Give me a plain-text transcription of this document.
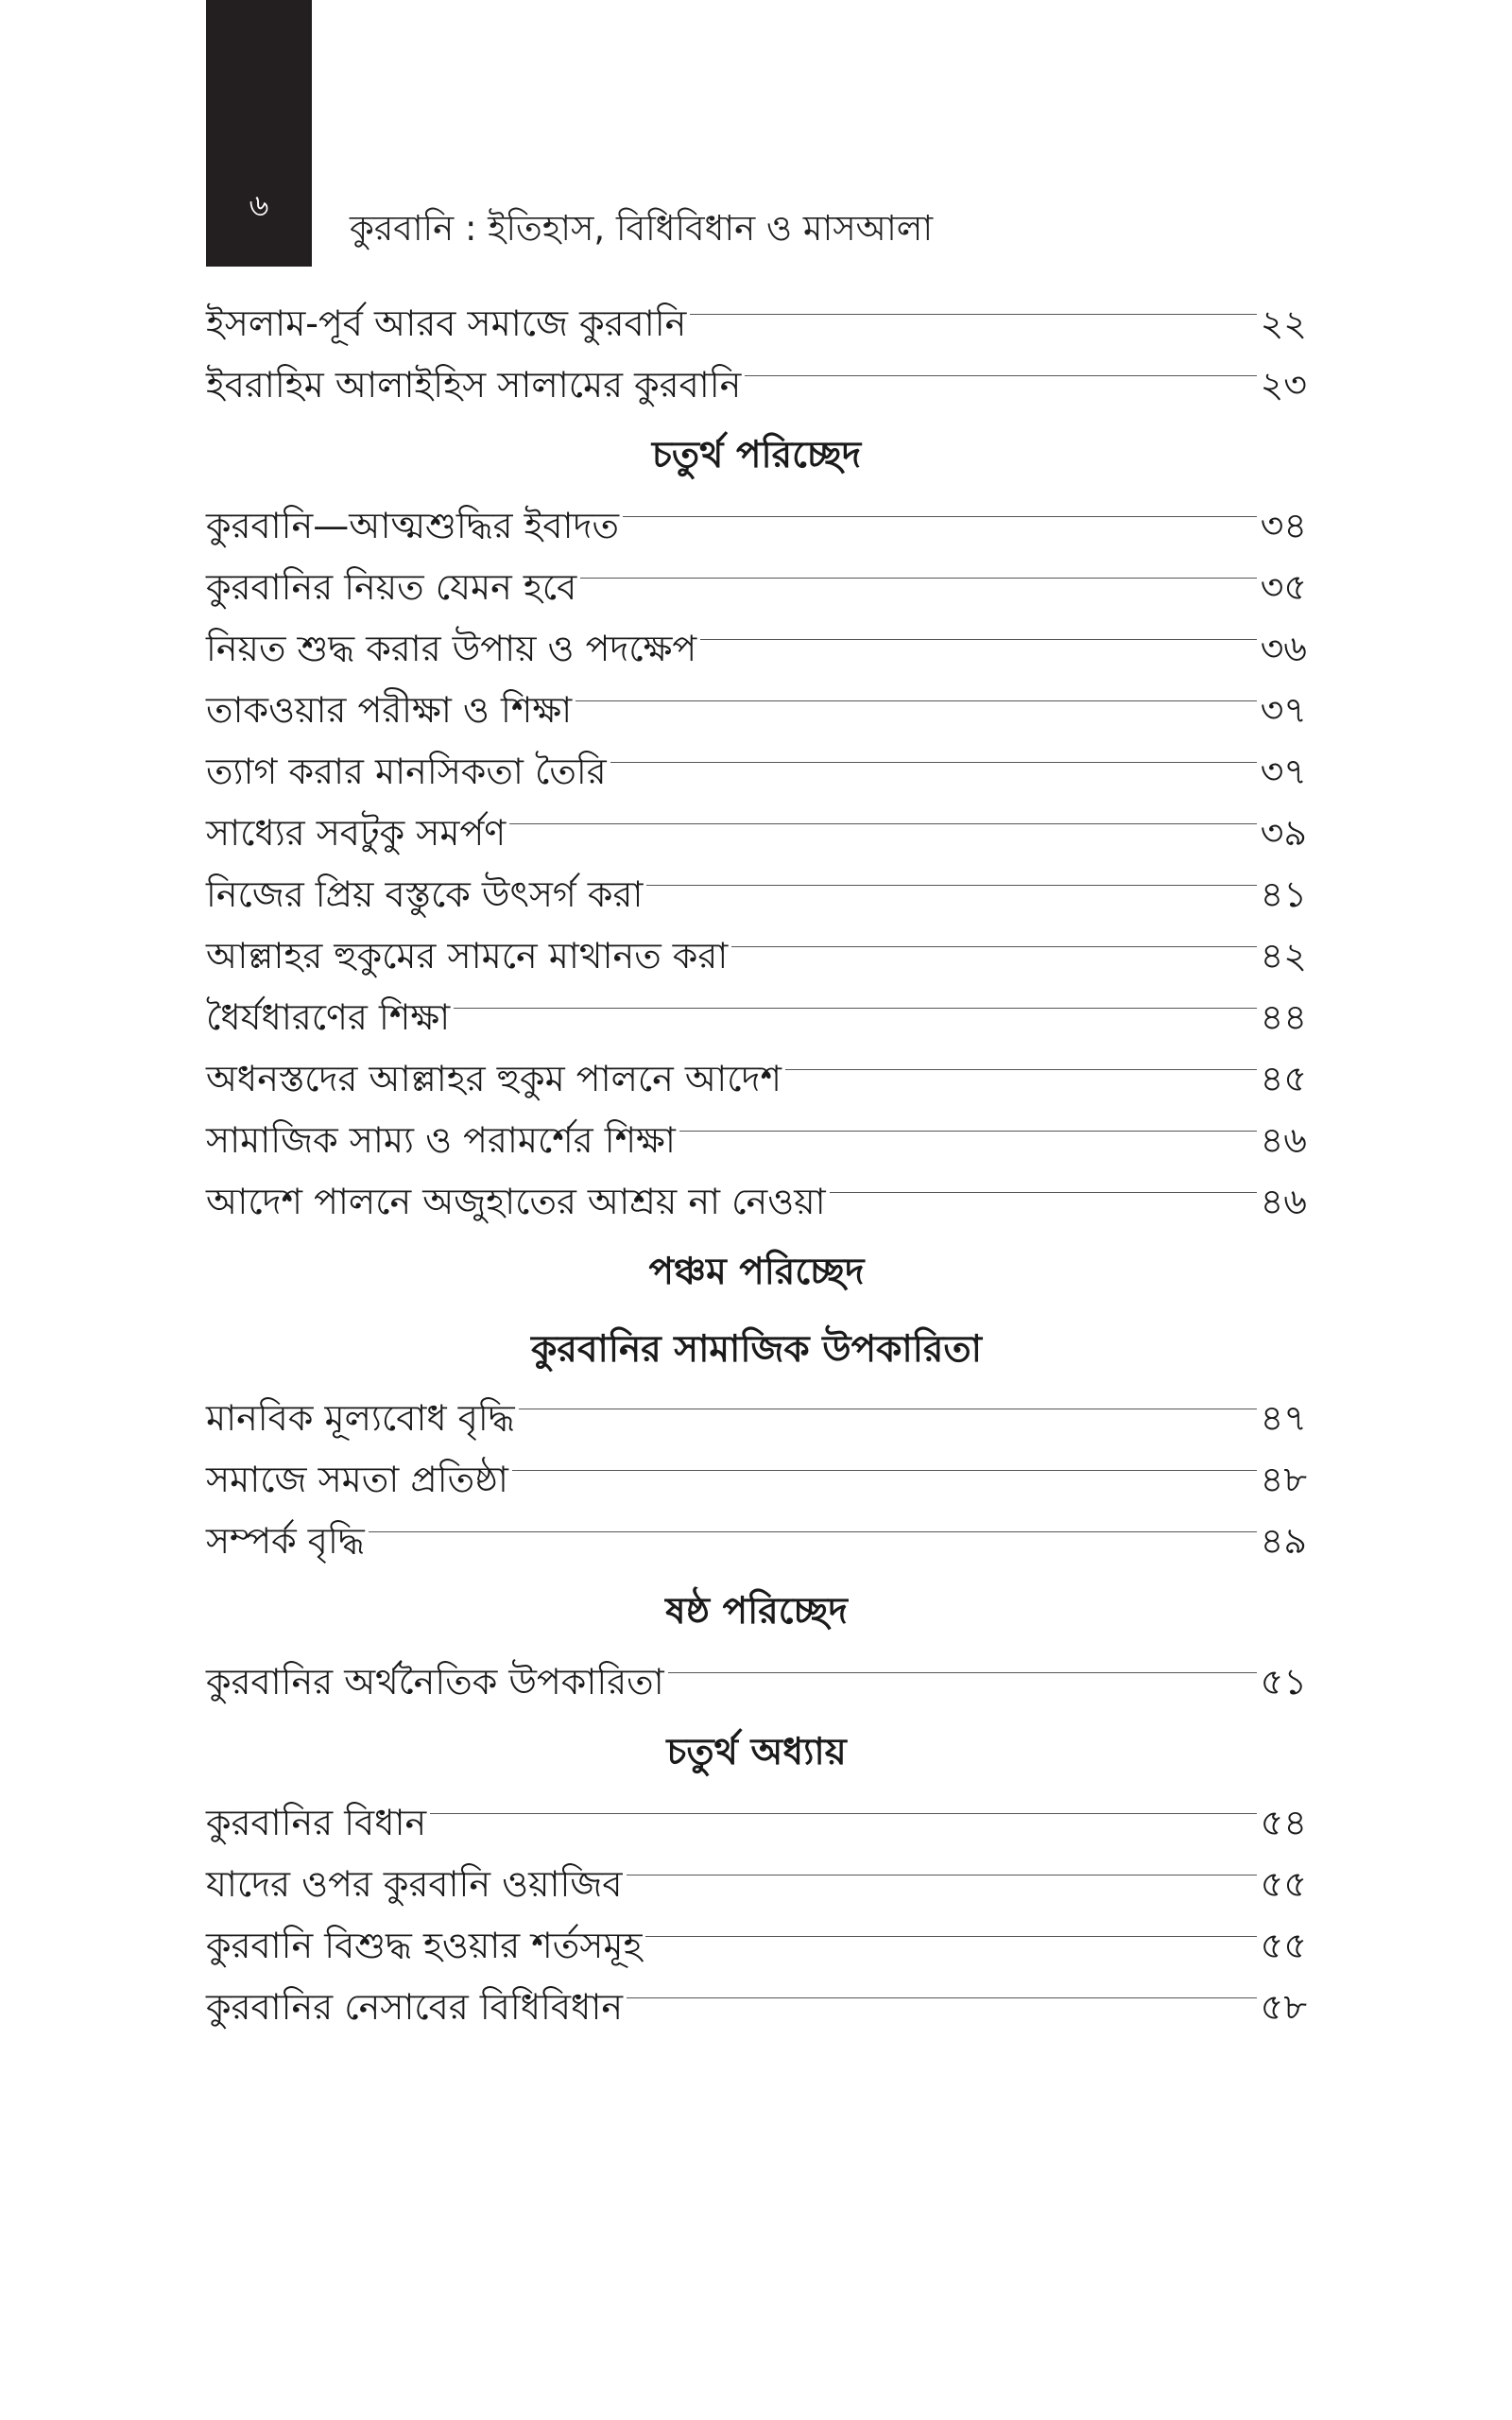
৬
কুরবানি : ইতিহাস, বিধিবিধান ও মাসআলা
ইসলাম-পূর্ব আরব সমাজে কুরবানি	২২
ইবরাহিম আলাইহিস সালামের কুরবানি	২৩
চতুর্থ পরিচ্ছেদ
কুরবানি—আত্মশুদ্ধির ইবাদত	৩৪
কুরবানির নিয়ত যেমন হবে	৩৫
নিয়ত শুদ্ধ করার উপায় ও পদক্ষেপ	৩৬
তাকওয়ার পরীক্ষা ও শিক্ষা	৩৭
ত্যাগ করার মানসিকতা তৈরি	৩৭
সাধ্যের সবটুকু সমর্পণ	৩৯
নিজের প্রিয় বস্তুকে উৎসর্গ করা	৪১
আল্লাহর হুকুমের সামনে মাথানত করা	৪২
ধৈর্যধারণের শিক্ষা	৪৪
অধনস্তদের আল্লাহর হুকুম পালনে আদেশ	৪৫
সামাজিক সাম্য ও পরামর্শের শিক্ষা	৪৬
আদেশ পালনে অজুহাতের আশ্রয় না নেওয়া	৪৬
পঞ্চম পরিচ্ছেদ
কুরবানির সামাজিক উপকারিতা
মানবিক মূল্যবোধ বৃদ্ধি	৪৭
সমাজে সমতা প্রতিষ্ঠা	৪৮
সম্পর্ক বৃদ্ধি	৪৯
ষষ্ঠ পরিচ্ছেদ
কুরবানির অর্থনৈতিক উপকারিতা	৫১
চতুর্থ অধ্যায়
কুরবানির বিধান	৫৪
যাদের ওপর কুরবানি ওয়াজিব	৫৫
কুরবানি বিশুদ্ধ হওয়ার শর্তসমূহ	৫৫
কুরবানির নেসাবের বিধিবিধান	৫৮
